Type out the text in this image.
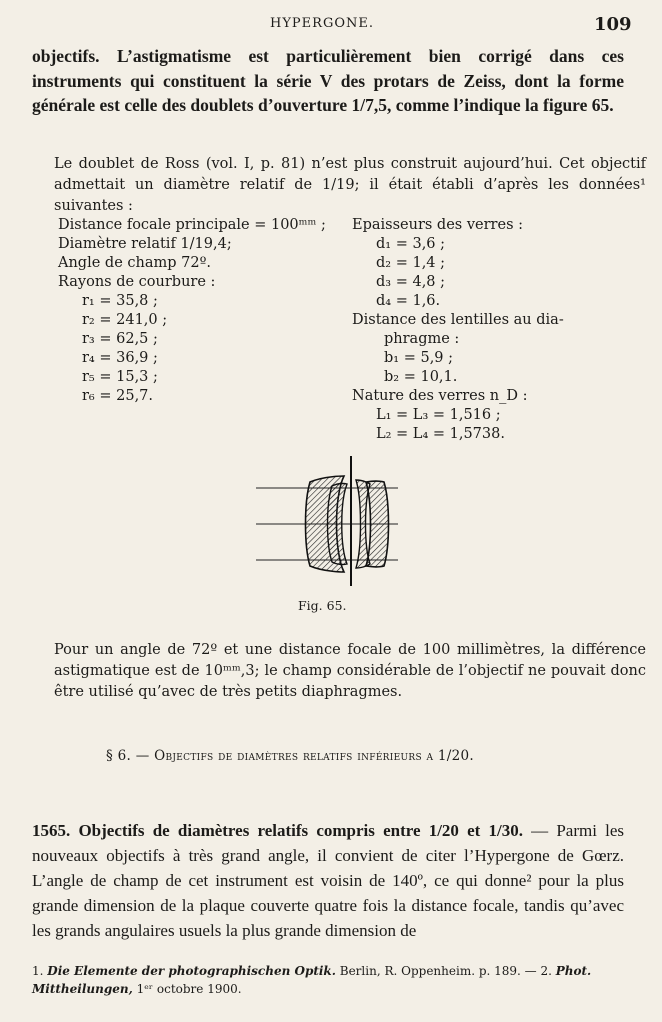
HYPERGONE.	109
objectifs. L’astigmatisme est particulièrement bien corrigé dans ces instruments qui constituent la série V des protars de Zeiss, dont la forme générale est celle des doublets d’ouverture 1/7,5, comme l’indique la figure 65.
Le doublet de Ross (vol. I, p. 81) n’est plus construit aujourd’hui. Cet objectif admettait un diamètre relatif de 1/19; il était établi d’après les données¹ suivantes :
Distance focale principale = 100ᵐᵐ ;
Diamètre relatif 1/19,4;
Angle de champ 72º.
Rayons de courbure :
r₁ = 35,8 ;
r₂ = 241,0 ;
r₃ = 62,5 ;
r₄ = 36,9 ;
r₅ = 15,3 ;
r₆ = 25,7.
Epaisseurs des verres :
d₁ = 3,6 ;
d₂ = 1,4 ;
d₃ = 4,8 ;
d₄ = 1,6.
Distance des lentilles au dia-
phragme :
b₁ = 5,9 ;
b₂ = 10,1.
Nature des verres n_D :
L₁ = L₃ = 1,516 ;
L₂ = L₄ = 1,5738.
Fig. 65.
Pour un angle de 72º et une distance focale de 100 millimètres, la différence astigmatique est de 10ᵐᵐ,3; le champ considérable de l’objectif ne pouvait donc être utilisé qu’avec de très petits diaphragmes.
§ 6. — Objectifs de diamètres relatifs inférieurs a 1/20.
1565. Objectifs de diamètres relatifs compris entre 1/20 et 1/30. — Parmi les nouveaux objectifs à très grand angle, il convient de citer l’Hypergone de Gœrz. L’angle de champ de cet instrument est voisin de 140º, ce qui donne² pour la plus grande dimension de la plaque couverte quatre fois la distance focale, tandis qu’avec les grands angulaires usuels la plus grande dimension de
1. Die Elemente der photographischen Optik. Berlin, R. Oppenheim. p. 189. — 2. Phot. Mittheilungen, 1ᵉʳ octobre 1900.
